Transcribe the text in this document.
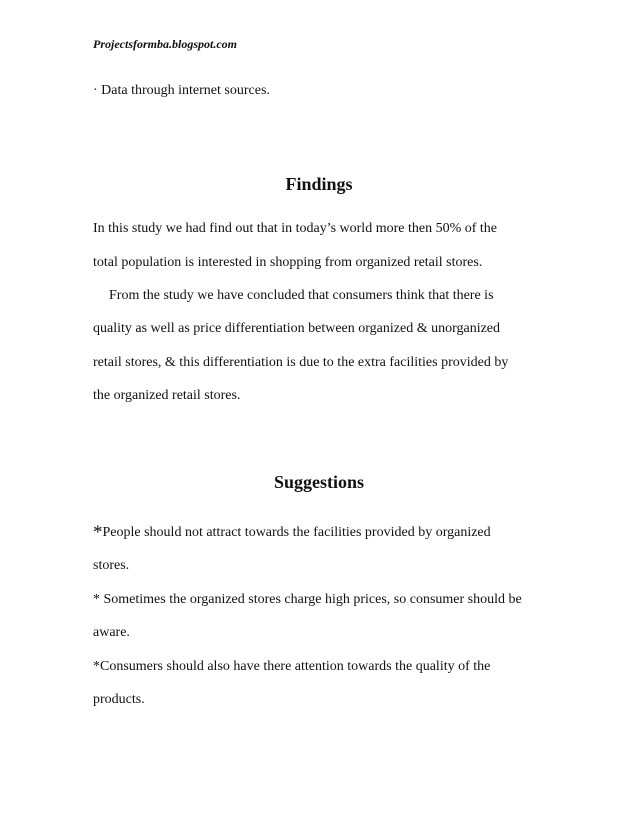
Projectsformba.blogspot.com
· Data through internet sources.
Findings
In this study we had find out that in today’s world more then 50% of the
total population is interested in shopping from organized retail stores.
From the study we have concluded that consumers think that there is
quality as well as price differentiation between organized & unorganized
retail stores, & this differentiation is due to the extra facilities provided by
the organized retail stores.
Suggestions
*People should not attract towards the facilities provided by organized
stores.
* Sometimes the organized stores charge high prices, so consumer should be
aware.
*Consumers should also have there attention towards the quality of the
products.
